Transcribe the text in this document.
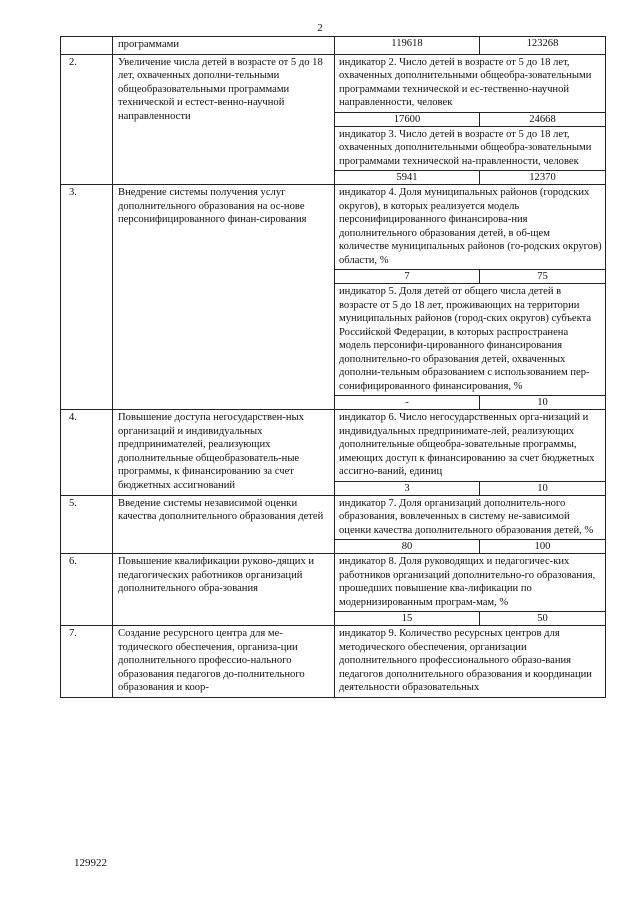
2
	программами	119618	123268
2.	Увеличение числа детей в возрасте от 5 до 18 лет, охваченных дополни-тельными общеобразовательными программами технической и естест-венно-научной направленности	индикатор 2. Число детей в возрасте от 5 до 18 лет, охваченных дополнительными общеобра-зовательными программами технической и ес-тественно-научной направленности, человек	
		17600	24668
		индикатор 3. Число детей в возрасте от 5 до 18 лет, охваченных дополнительными общеобра-зовательными программами технической на-правленности, человек	
		5941	12370
3.	Внедрение системы получения услуг дополнительного образования на ос-нове персонифицированного финан-сирования	индикатор 4. Доля муниципальных районов (городских округов), в которых реализуется модель персонифицированного финансирова-ния дополнительного образования детей, в об-щем количестве муниципальных районов (го-родских округов) области, %	
		7	75
		индикатор 5. Доля детей от общего числа детей в возрасте от 5 до 18 лет, проживающих на территории муниципальных районов (город-ских округов) субъекта Российской Федерации, в которых распространена модель персонифи-цированного финансирования дополнительно-го образования детей, охваченных дополни-тельным образованием с использованием пер-сонифицированного финансирования, %	
		-	10
4.	Повышение доступа негосударствен-ных организаций и индивидуальных предпринимателей, реализующих дополнительные общеобразователь-ные программы, к финансированию за счет бюджетных ассигнований	индикатор 6. Число негосударственных орга-низаций и индивидуальных предпринимате-лей, реализующих дополнительные общеобра-зовательные программы, имеющих доступ к финансированию за счет бюджетных ассигно-ваний, единиц	
		3	10
5.	Введение системы независимой оценки качества дополнительного образования детей	индикатор 7. Доля организаций дополнитель-ного образования, вовлеченных в систему не-зависимой оценки качества дополнительного образования детей, %	
		80	100
6.	Повышение квалификации руково-дящих и педагогических работников организаций дополнительного обра-зования	индикатор 8. Доля руководящих и педагогичес-ких работников организаций дополнительно-го образования, прошедших повышение ква-лификации по модернизированным програм-мам, %	
		15	50
7.	Создание ресурсного центра для ме-тодического обеспечения, организа-ции дополнительного профессио-нального образования педагогов до-полнительного образования и коор-	индикатор 9. Количество ресурсных центров для методического обеспечения, организации дополнительного профессионального образо-вания педагогов дополнительного образования и координации деятельности образовательных	
129922
